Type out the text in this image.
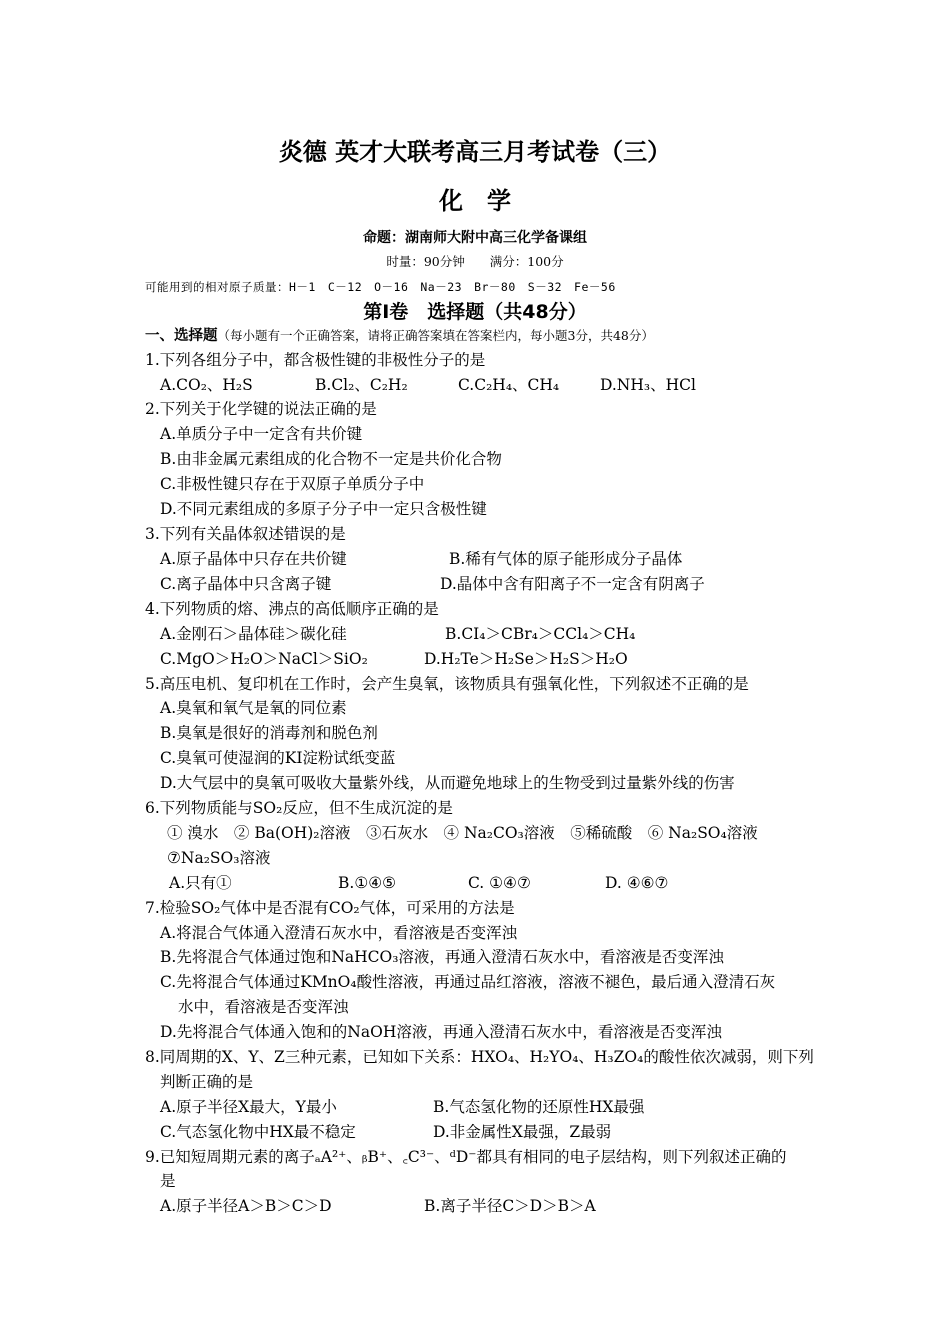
炎德 英才大联考高三月考试卷（三）
化　学
命题：湖南师大附中高三化学备课组
时量：90分钟　　满分：100分
可能用到的相对原子质量：H－1　C－12　O－16　Na－23　Br－80　S－32　Fe－56
第Ⅰ卷　选择题（共48分）
一、选择题（每小题有一个正确答案，请将正确答案填在答案栏内，每小题3分，共48分）
1.下列各组分子中，都含极性键的非极性分子的是
A.CO₂、H₂S	B.Cl₂、C₂H₂	C.C₂H₄、CH₄	D.NH₃、HCl
2.下列关于化学键的说法正确的是
A.单质分子中一定含有共价键
B.由非金属元素组成的化合物不一定是共价化合物
C.非极性键只存在于双原子单质分子中
D.不同元素组成的多原子分子中一定只含极性键
3.下列有关晶体叙述错误的是
A.原子晶体中只存在共价键	B.稀有气体的原子能形成分子晶体
C.离子晶体中只含离子键	D.晶体中含有阳离子不一定含有阴离子
4.下列物质的熔、沸点的高低顺序正确的是
A.金刚石＞晶体硅＞碳化硅	B.CI₄＞CBr₄＞CCl₄＞CH₄
C.MgO＞H₂O＞NaCl＞SiO₂	D.H₂Te＞H₂Se＞H₂S＞H₂O
5.高压电机、复印机在工作时，会产生臭氧，该物质具有强氧化性，下列叙述不正确的是
A.臭氧和氧气是氧的同位素
B.臭氧是很好的消毒剂和脱色剂
C.臭氧可使湿润的KI淀粉试纸变蓝
D.大气层中的臭氧可吸收大量紫外线，从而避免地球上的生物受到过量紫外线的伤害
6.下列物质能与SO₂反应，但不生成沉淀的是
① 溴水　② Ba(OH)₂溶液　③石灰水　④ Na₂CO₃溶液　⑤稀硫酸　⑥ Na₂SO₄溶液
⑦Na₂SO₃溶液
A.只有①	B.①④⑤	C. ①④⑦	D. ④⑥⑦
7.检验SO₂气体中是否混有CO₂气体，可采用的方法是
A.将混合气体通入澄清石灰水中，看溶液是否变浑浊
B.先将混合气体通过饱和NaHCO₃溶液，再通入澄清石灰水中，看溶液是否变浑浊
C.先将混合气体通过KMnO₄酸性溶液，再通过品红溶液，溶液不褪色，最后通入澄清石灰
水中，看溶液是否变浑浊
D.先将混合气体通入饱和的NaOH溶液，再通入澄清石灰水中，看溶液是否变浑浊
8.同周期的X、Y、Z三种元素，已知如下关系：HXO₄、H₂YO₄、H₃ZO₄的酸性依次减弱，则下列
判断正确的是
A.原子半径X最大，Y最小	B.气态氢化物的还原性HX最强
C.气态氢化物中HX最不稳定	D.非金属性X最强，Z最弱
9.已知短周期元素的离子ₐA²⁺、ᵦB⁺、꜀C³⁻、ᵈD⁻都具有相同的电子层结构，则下列叙述正确的
是
A.原子半径A＞B＞C＞D	B.离子半径C＞D＞B＞A
